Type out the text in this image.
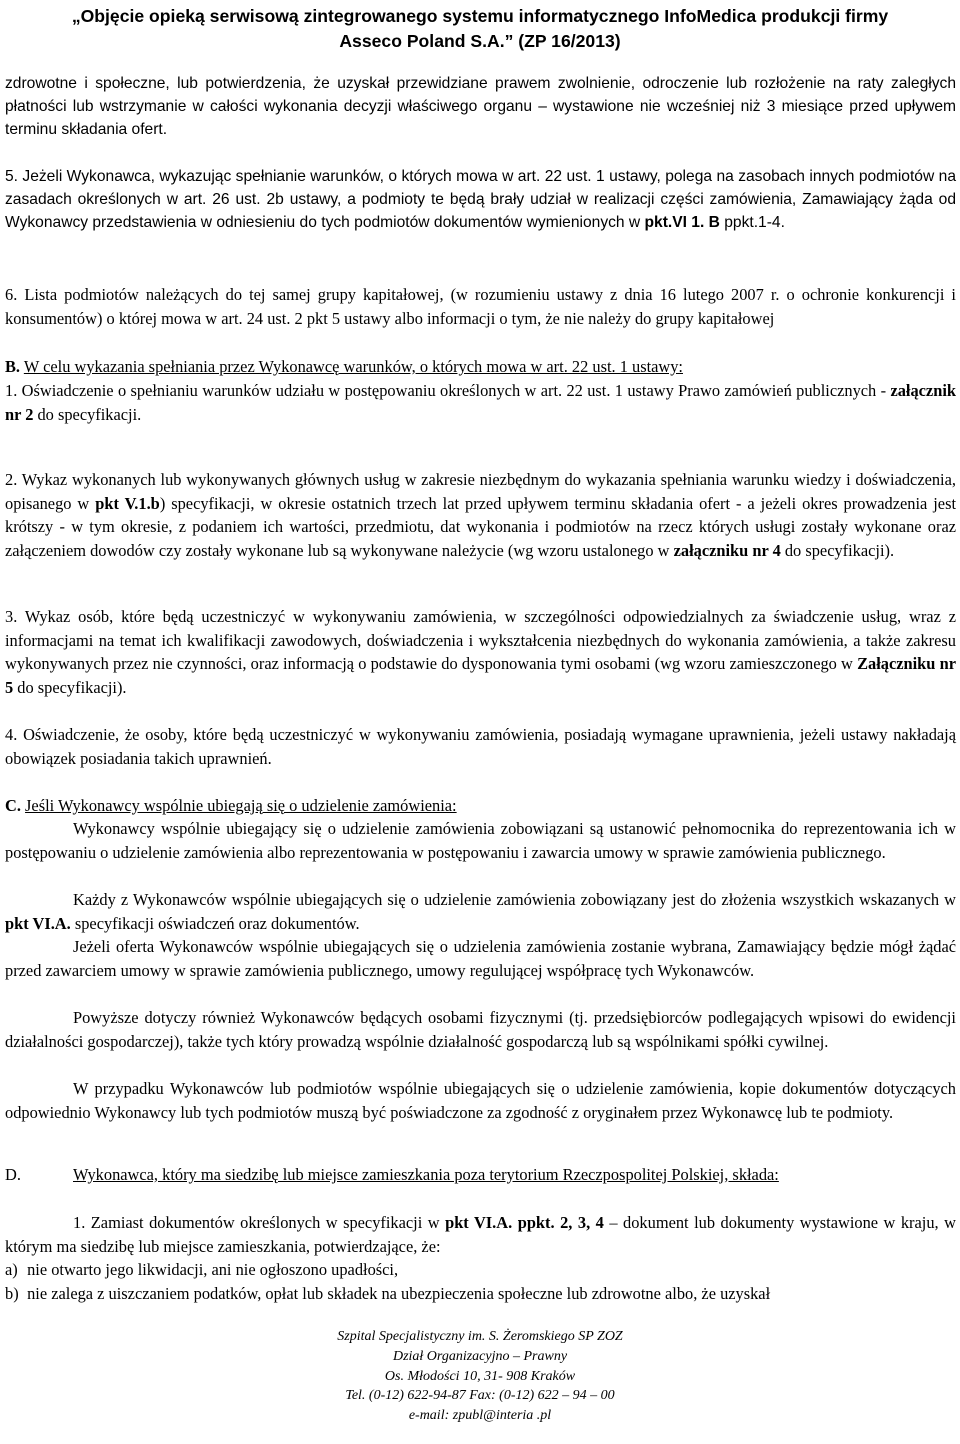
„Objęcie opieką serwisową zintegrowanego systemu informatycznego InfoMedica produkcji firmy
Asseco Poland S.A.” (ZP 16/2013)

zdrowotne i społeczne, lub potwierdzenia, że uzyskał przewidziane prawem zwolnienie, odroczenie lub rozłożenie na raty zaległych płatności lub wstrzymanie w całości wykonania decyzji właściwego organu – wystawione nie wcześniej niż 3 miesiące przed upływem terminu składania ofert.

5. Jeżeli Wykonawca, wykazując spełnianie warunków, o których mowa w art. 22 ust. 1 ustawy, polega na zasobach innych podmiotów na zasadach określonych w art. 26 ust. 2b ustawy, a podmioty te będą brały udział w realizacji części zamówienia, Zamawiający żąda od Wykonawcy przedstawienia w odniesieniu do tych podmiotów dokumentów wymienionych w pkt.VI 1. B ppkt.1-4.

6. Lista podmiotów należących do tej samej grupy kapitałowej, (w rozumieniu ustawy z dnia 16 lutego 2007 r. o ochronie konkurencji i konsumentów) o której mowa w art. 24 ust. 2 pkt 5 ustawy albo informacji o tym, że nie należy do grupy kapitałowej

B. W celu wykazania spełniania przez Wykonawcę warunków, o których mowa w art. 22 ust. 1 ustawy:

1. Oświadczenie o spełnianiu warunków udziału w postępowaniu określonych w art. 22 ust. 1 ustawy Prawo zamówień publicznych - załącznik nr 2 do specyfikacji.

2. Wykaz wykonanych lub wykonywanych głównych usług w zakresie niezbędnym do wykazania spełniania warunku wiedzy i doświadczenia, opisanego w pkt V.1.b) specyfikacji, w okresie ostatnich trzech lat przed upływem terminu składania ofert - a jeżeli okres prowadzenia jest krótszy - w tym okresie, z podaniem ich wartości, przedmiotu, dat wykonania i podmiotów na rzecz których usługi zostały wykonane oraz załączeniem dowodów czy zostały wykonane lub są wykonywane należycie (wg wzoru ustalonego w załączniku nr 4 do specyfikacji).

3. Wykaz osób, które będą uczestniczyć w wykonywaniu zamówienia, w szczególności odpowiedzialnych za świadczenie usług, wraz z informacjami na temat ich kwalifikacji zawodowych, doświadczenia i wykształcenia niezbędnych do wykonania zamówienia, a także zakresu wykonywanych przez nie czynności, oraz informacją o podstawie do dysponowania tymi osobami (wg wzoru zamieszczonego w Załączniku nr 5 do specyfikacji).

4. Oświadczenie, że osoby, które będą uczestniczyć w wykonywaniu zamówienia, posiadają wymagane uprawnienia, jeżeli ustawy nakładają obowiązek posiadania takich uprawnień.

C. Jeśli Wykonawcy wspólnie ubiegają się o udzielenie zamówienia:

Wykonawcy wspólnie ubiegający się o udzielenie zamówienia zobowiązani są ustanowić pełnomocnika do reprezentowania ich w postępowaniu o udzielenie zamówienia albo reprezentowania w postępowaniu i zawarcia umowy w sprawie zamówienia publicznego.

Każdy z Wykonawców wspólnie ubiegających się o udzielenie zamówienia zobowiązany jest do złożenia wszystkich wskazanych w pkt VI.A. specyfikacji oświadczeń oraz dokumentów.

Jeżeli oferta Wykonawców wspólnie ubiegających się o udzielenia zamówienia zostanie wybrana, Zamawiający będzie mógł żądać przed zawarciem umowy w sprawie zamówienia publicznego, umowy regulującej współpracę tych Wykonawców.

Powyższe dotyczy również Wykonawców będących osobami fizycznymi (tj. przedsiębiorców podlegających wpisowi do ewidencji działalności gospodarczej), także tych który prowadzą wspólnie działalność gospodarczą lub są wspólnikami spółki cywilnej.

W przypadku Wykonawców lub podmiotów wspólnie ubiegających się o udzielenie zamówienia, kopie dokumentów dotyczących odpowiednio Wykonawcy lub tych podmiotów muszą być poświadczone za zgodność z oryginałem przez Wykonawcę lub te podmioty.

D.	Wykonawca, który ma siedzibę lub miejsce zamieszkania poza terytorium Rzeczpospolitej Polskiej, składa:

1. Zamiast dokumentów określonych w specyfikacji w pkt VI.A. ppkt. 2, 3, 4 – dokument lub dokumenty wystawione w kraju, w którym ma siedzibę lub miejsce zamieszkania, potwierdzające, że:

a) nie otwarto jego likwidacji, ani nie ogłoszono upadłości,

b) nie zalega z uiszczaniem podatków, opłat lub składek na ubezpieczenia społeczne lub zdrowotne albo, że uzyskał

Szpital Specjalistyczny im. S. Żeromskiego SP ZOZ
Dział Organizacyjno – Prawny
Os. Młodości 10, 31- 908 Kraków
Tel. (0-12) 622-94-87 Fax: (0-12) 622 – 94 – 00
e-mail: zpubl@interia .pl
